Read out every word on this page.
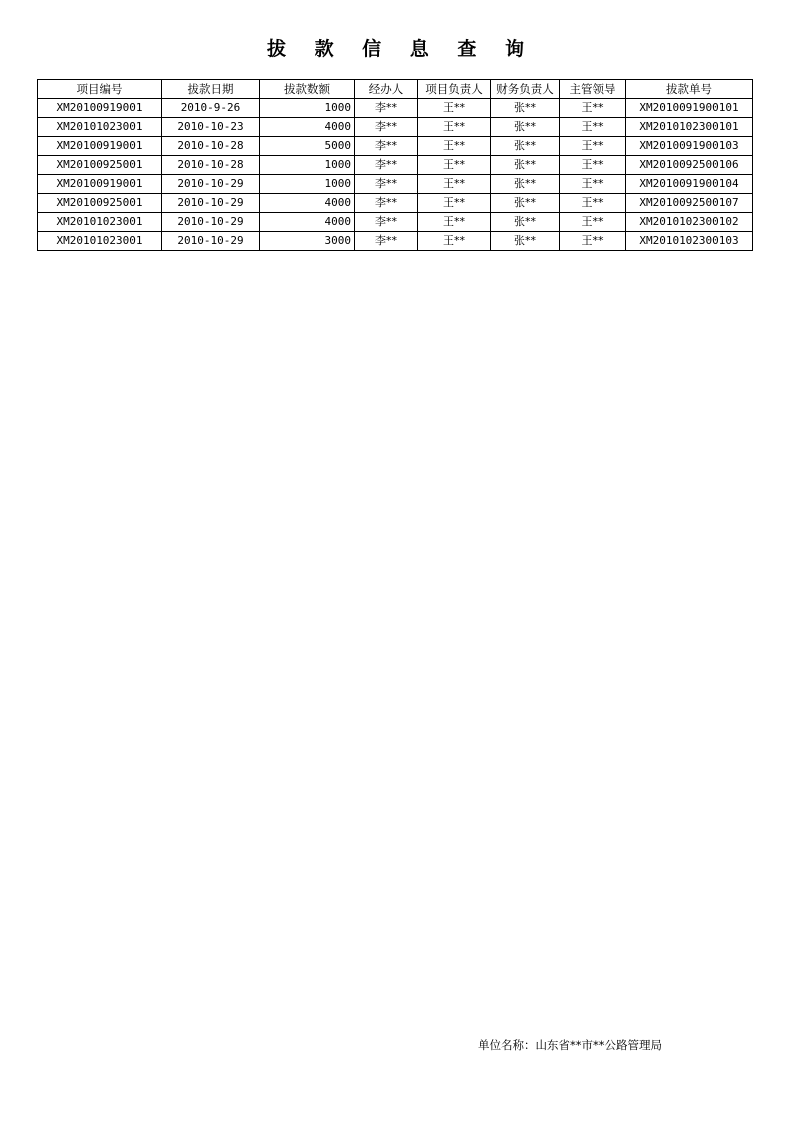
拔 款 信 息 查 询
项目编号	拔款日期	拔款数额	经办人	项目负责人	财务负责人	主管领导	拔款单号
XM20100919001	2010-9-26	1000	李**	王**	张**	王**	XM2010091900101
XM20101023001	2010-10-23	4000	李**	王**	张**	王**	XM2010102300101
XM20100919001	2010-10-28	5000	李**	王**	张**	王**	XM2010091900103
XM20100925001	2010-10-28	1000	李**	王**	张**	王**	XM2010092500106
XM20100919001	2010-10-29	1000	李**	王**	张**	王**	XM2010091900104
XM20100925001	2010-10-29	4000	李**	王**	张**	王**	XM2010092500107
XM20101023001	2010-10-29	4000	李**	王**	张**	王**	XM2010102300102
XM20101023001	2010-10-29	3000	李**	王**	张**	王**	XM2010102300103
单位名称：山东省**市**公路管理局
